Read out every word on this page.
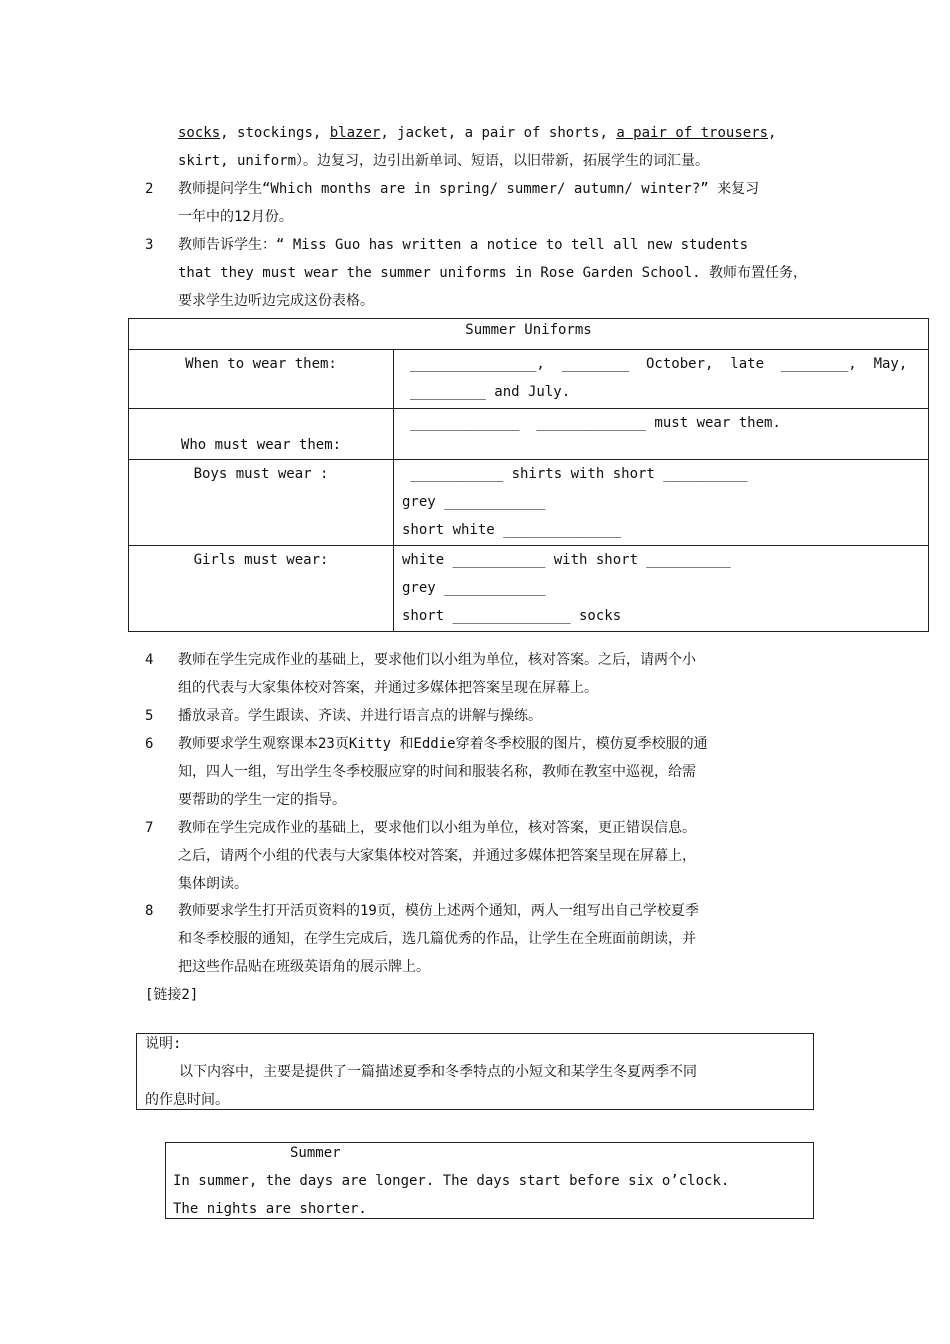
socks, stockings, blazer, jacket, a pair of shorts, a pair of trousers,
skirt, uniform）。边复习，边引出新单词、短语，以旧带新，拓展学生的词汇量。
2 教师提问学生“Which months are in spring/ summer/ autumn/ winter?” 来复习
一年中的12月份。
3 教师告诉学生：“ Miss Guo has written a notice to tell all new students
that they must wear the summer uniforms in Rose Garden School. 教师布置任务，
要求学生边听边完成这份表格。
Summer Uniforms	
When to wear them:	_______________,  ________  October,  late  ________,  May,
_________ and July.

Who must wear them:	_____________  _____________ must wear them.

Boys must wear :	___________ shirts with short __________
grey ____________
short white ______________

Girls must wear:	white ___________ with short __________
grey ____________
short ______________ socks
4 教师在学生完成作业的基础上，要求他们以小组为单位，核对答案。之后，请两个小
组的代表与大家集体校对答案，并通过多媒体把答案呈现在屏幕上。
5 播放录音。学生跟读、齐读、并进行语言点的讲解与操练。
6 教师要求学生观察课本23页Kitty 和Eddie穿着冬季校服的图片，模仿夏季校服的通
知，四人一组，写出学生冬季校服应穿的时间和服装名称，教师在教室中巡视，给需
要帮助的学生一定的指导。
7 教师在学生完成作业的基础上，要求他们以小组为单位，核对答案，更正错误信息。
之后，请两个小组的代表与大家集体校对答案，并通过多媒体把答案呈现在屏幕上，
集体朗读。
8 教师要求学生打开活页资料的19页，模仿上述两个通知，两人一组写出自己学校夏季
和冬季校服的通知，在学生完成后，选几篇优秀的作品，让学生在全班面前朗读，并
把这些作品贴在班级英语角的展示牌上。
[链接2]
说明:
以下内容中，主要是提供了一篇描述夏季和冬季特点的小短文和某学生冬夏两季不同
的作息时间。
Summer
In summer, the days are longer. The days start before six o’clock.
The nights are shorter.
